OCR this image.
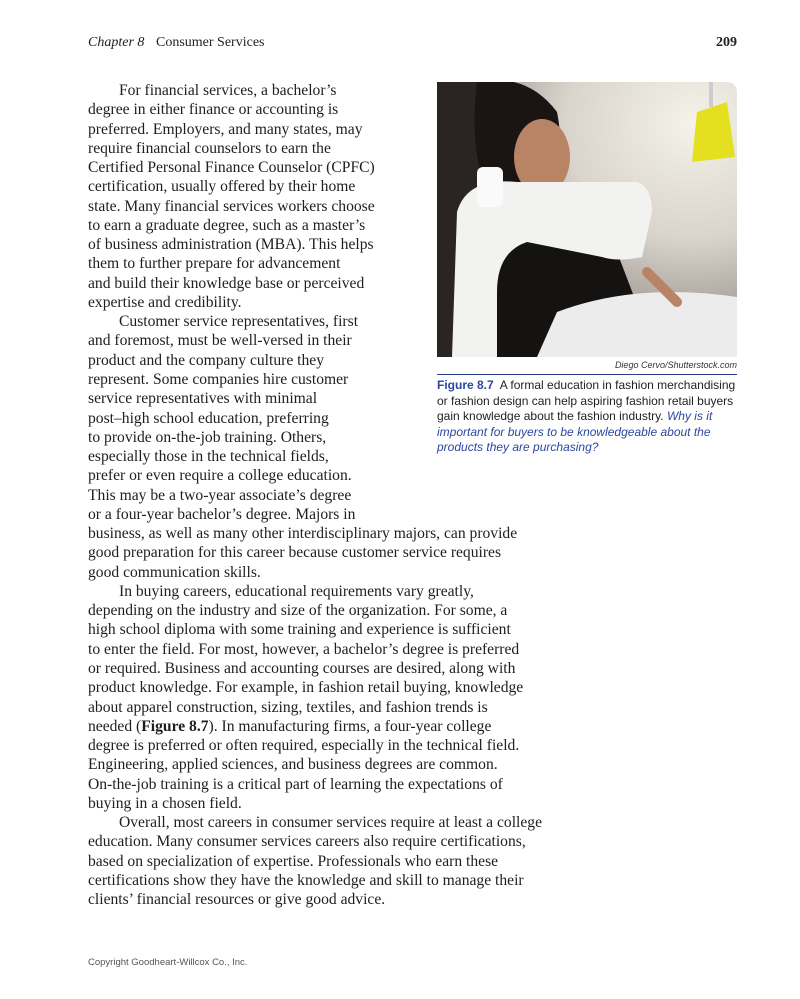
Chapter 8 Consumer Services	209
For financial services, a bachelor’s
degree in either finance or accounting is
preferred. Employers, and many states, may
require financial counselors to earn the
Certified Personal Finance Counselor (CPFC)
certification, usually offered by their home
state. Many financial services workers choose
to earn a graduate degree, such as a master’s
of business administration (MBA). This helps
them to further prepare for advancement
and build their knowledge base or perceived
expertise and credibility.
Customer service representatives, first
and foremost, must be well-versed in their
product and the company culture they
represent. Some companies hire customer
service representatives with minimal
post–high school education, preferring
to provide on-the-job training. Others,
especially those in the technical fields,
prefer or even require a college education.
This may be a two-year associate’s degree
or a four-year bachelor’s degree. Majors in
business, as well as many other interdisciplinary majors, can provide
good preparation for this career because customer service requires
good communication skills.
In buying careers, educational requirements vary greatly,
depending on the industry and size of the organization. For some, a
high school diploma with some training and experience is sufficient
to enter the field. For most, however, a bachelor’s degree is preferred
or required. Business and accounting courses are desired, along with
product knowledge. For example, in fashion retail buying, knowledge
about apparel construction, sizing, textiles, and fashion trends is
needed (Figure 8.7). In manufacturing firms, a four-year college
degree is preferred or often required, especially in the technical field.
Engineering, applied sciences, and business degrees are common.
On-the-job training is a critical part of learning the expectations of
buying in a chosen field.
Overall, most careers in consumer services require at least a college
education. Many consumer services careers also require certifications,
based on specialization of expertise. Professionals who earn these
certifications show they have the knowledge and skill to manage their
clients’ financial resources or give good advice.
Diego Cervo/Shutterstock.com
Figure 8.7 A formal education in fashion merchandising or fashion design can help aspiring fashion retail buyers gain knowledge about the fashion industry. Why is it important for buyers to be knowledgeable about the products they are purchasing?
Copyright Goodheart-Willcox Co., Inc.
